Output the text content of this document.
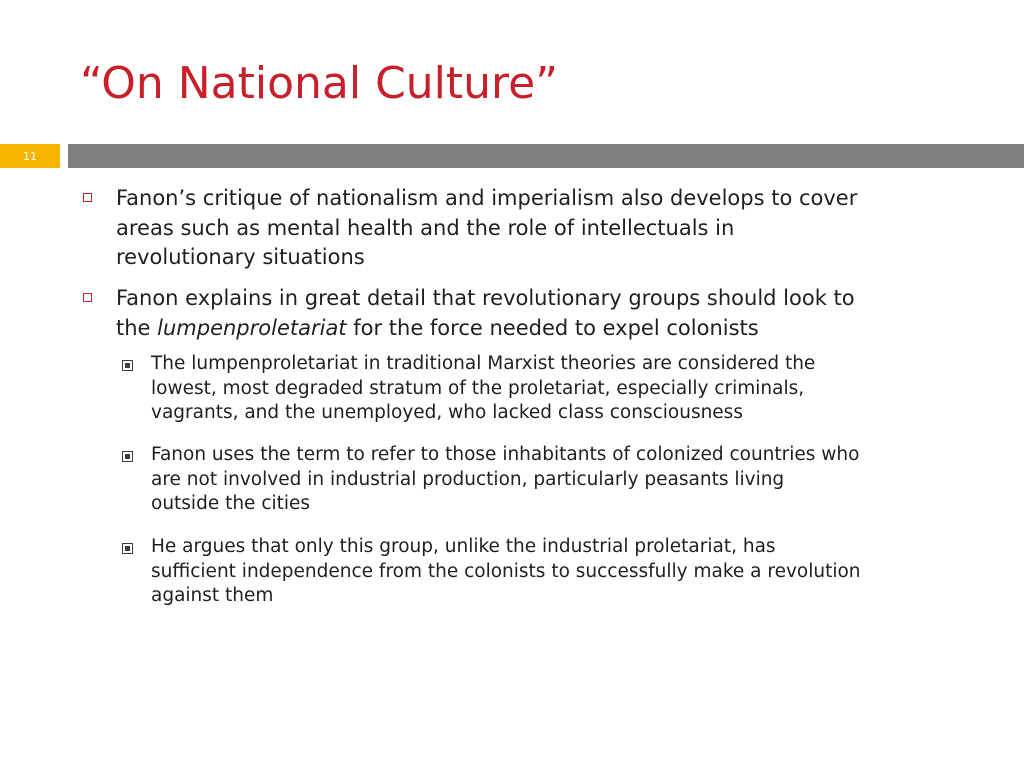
“On National Culture”
11
Fanon’s critique of nationalism and imperialism also develops to cover
areas such as mental health and the role of intellectuals in
revolutionary situations
Fanon explains in great detail that revolutionary groups should look to
the lumpenproletariat for the force needed to expel colonists
The lumpenproletariat in traditional Marxist theories are considered the
lowest, most degraded stratum of the proletariat, especially criminals,
vagrants, and the unemployed, who lacked class consciousness
Fanon uses the term to refer to those inhabitants of colonized countries who
are not involved in industrial production, particularly peasants living
outside the cities
He argues that only this group, unlike the industrial proletariat, has
sufficient independence from the colonists to successfully make a revolution
against them
